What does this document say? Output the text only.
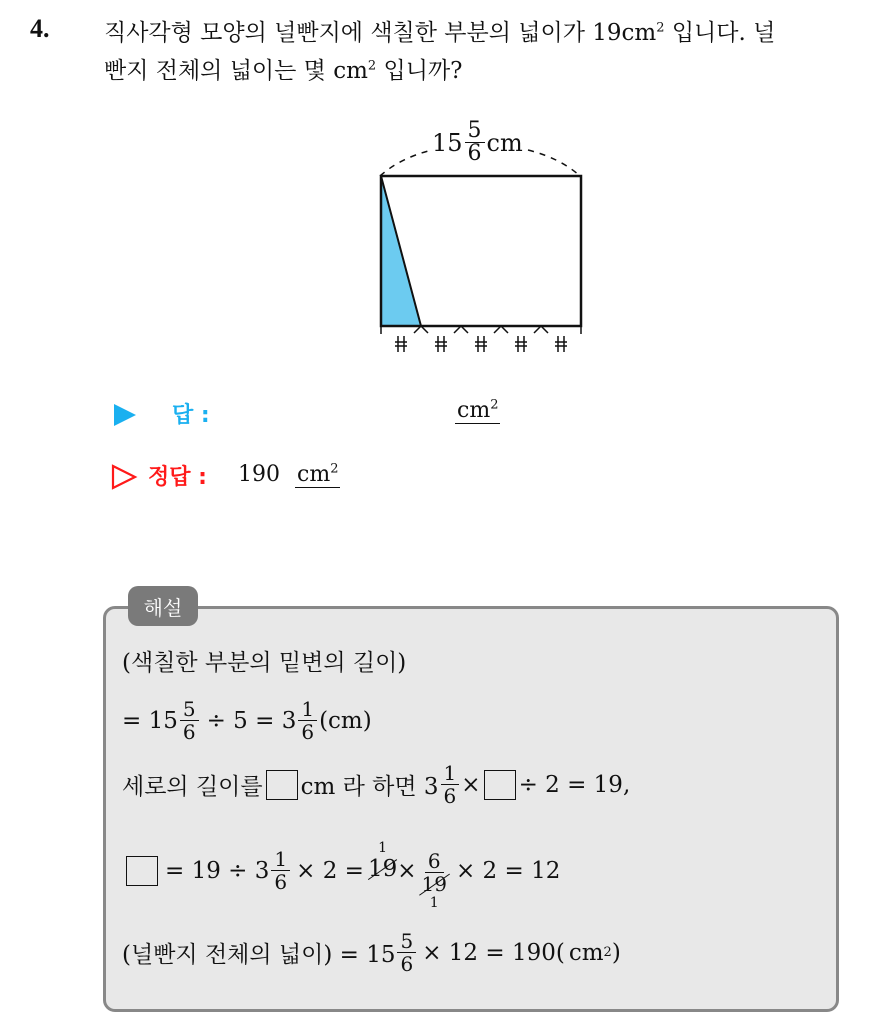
4. 직사각형 모양의 널빤지에 색칠한 부분의 넓이가 $19cm^2$ 입니다. 널
빤지 전체의 넓이는 몇 $cm^2$ 입니까?
$15 \frac{5}{6}$ cm
답 :	$cm^2$
정답 : 190 $cm^2$
해설
(색칠한 부분의 밑변의 길이)
= $15 \frac{5}{6} \div 5 = 3 \frac{1}{6} (cm)$
세로의 길이를 cm 라 하면 $3 \frac{1}{6}$ × ÷ 2 = 19,
= $19 \div 3 \frac{1}{6} \times 2$ =
1
19 × 6
19
1
× 2 = 12
(널빤지 전체의 넓이) = $15 \frac{5}{6} \times 12 = 190$( cm 2 )
